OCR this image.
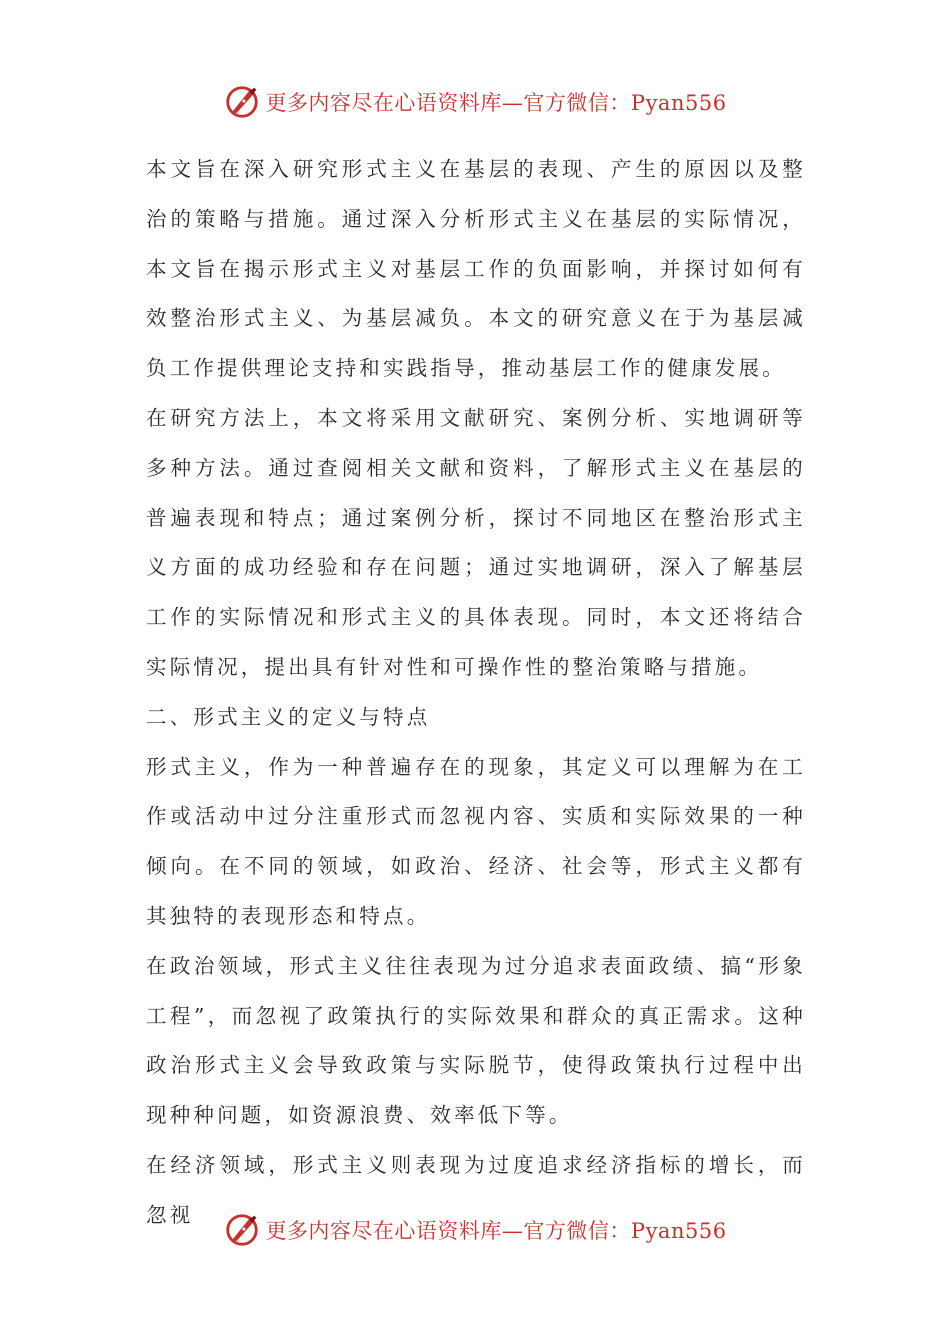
更多内容尽在心语资料库—官方微信：Pyan556

本文旨在深入研究形式主义在基层的表现、产生的原因以及整治的策略与措施。通过深入分析形式主义在基层的实际情况，本文旨在揭示形式主义对基层工作的负面影响，并探讨如何有效整治形式主义、为基层减负。本文的研究意义在于为基层减负工作提供理论支持和实践指导，推动基层工作的健康发展。

在研究方法上，本文将采用文献研究、案例分析、实地调研等多种方法。通过查阅相关文献和资料，了解形式主义在基层的普遍表现和特点；通过案例分析，探讨不同地区在整治形式主义方面的成功经验和存在问题；通过实地调研，深入了解基层工作的实际情况和形式主义的具体表现。同时，本文还将结合实际情况，提出具有针对性和可操作性的整治策略与措施。

二、形式主义的定义与特点

形式主义，作为一种普遍存在的现象，其定义可以理解为在工作或活动中过分注重形式而忽视内容、实质和实际效果的一种倾向。在不同的领域，如政治、经济、社会等，形式主义都有其独特的表现形态和特点。

在政治领域，形式主义往往表现为过分追求表面政绩、搞“形象工程”，而忽视了政策执行的实际效果和群众的真正需求。这种政治形式主义会导致政策与实际脱节，使得政策执行过程中出现种种问题，如资源浪费、效率低下等。

在经济领域，形式主义则表现为过度追求经济指标的增长，而忽视

更多内容尽在心语资料库—官方微信：Pyan556
